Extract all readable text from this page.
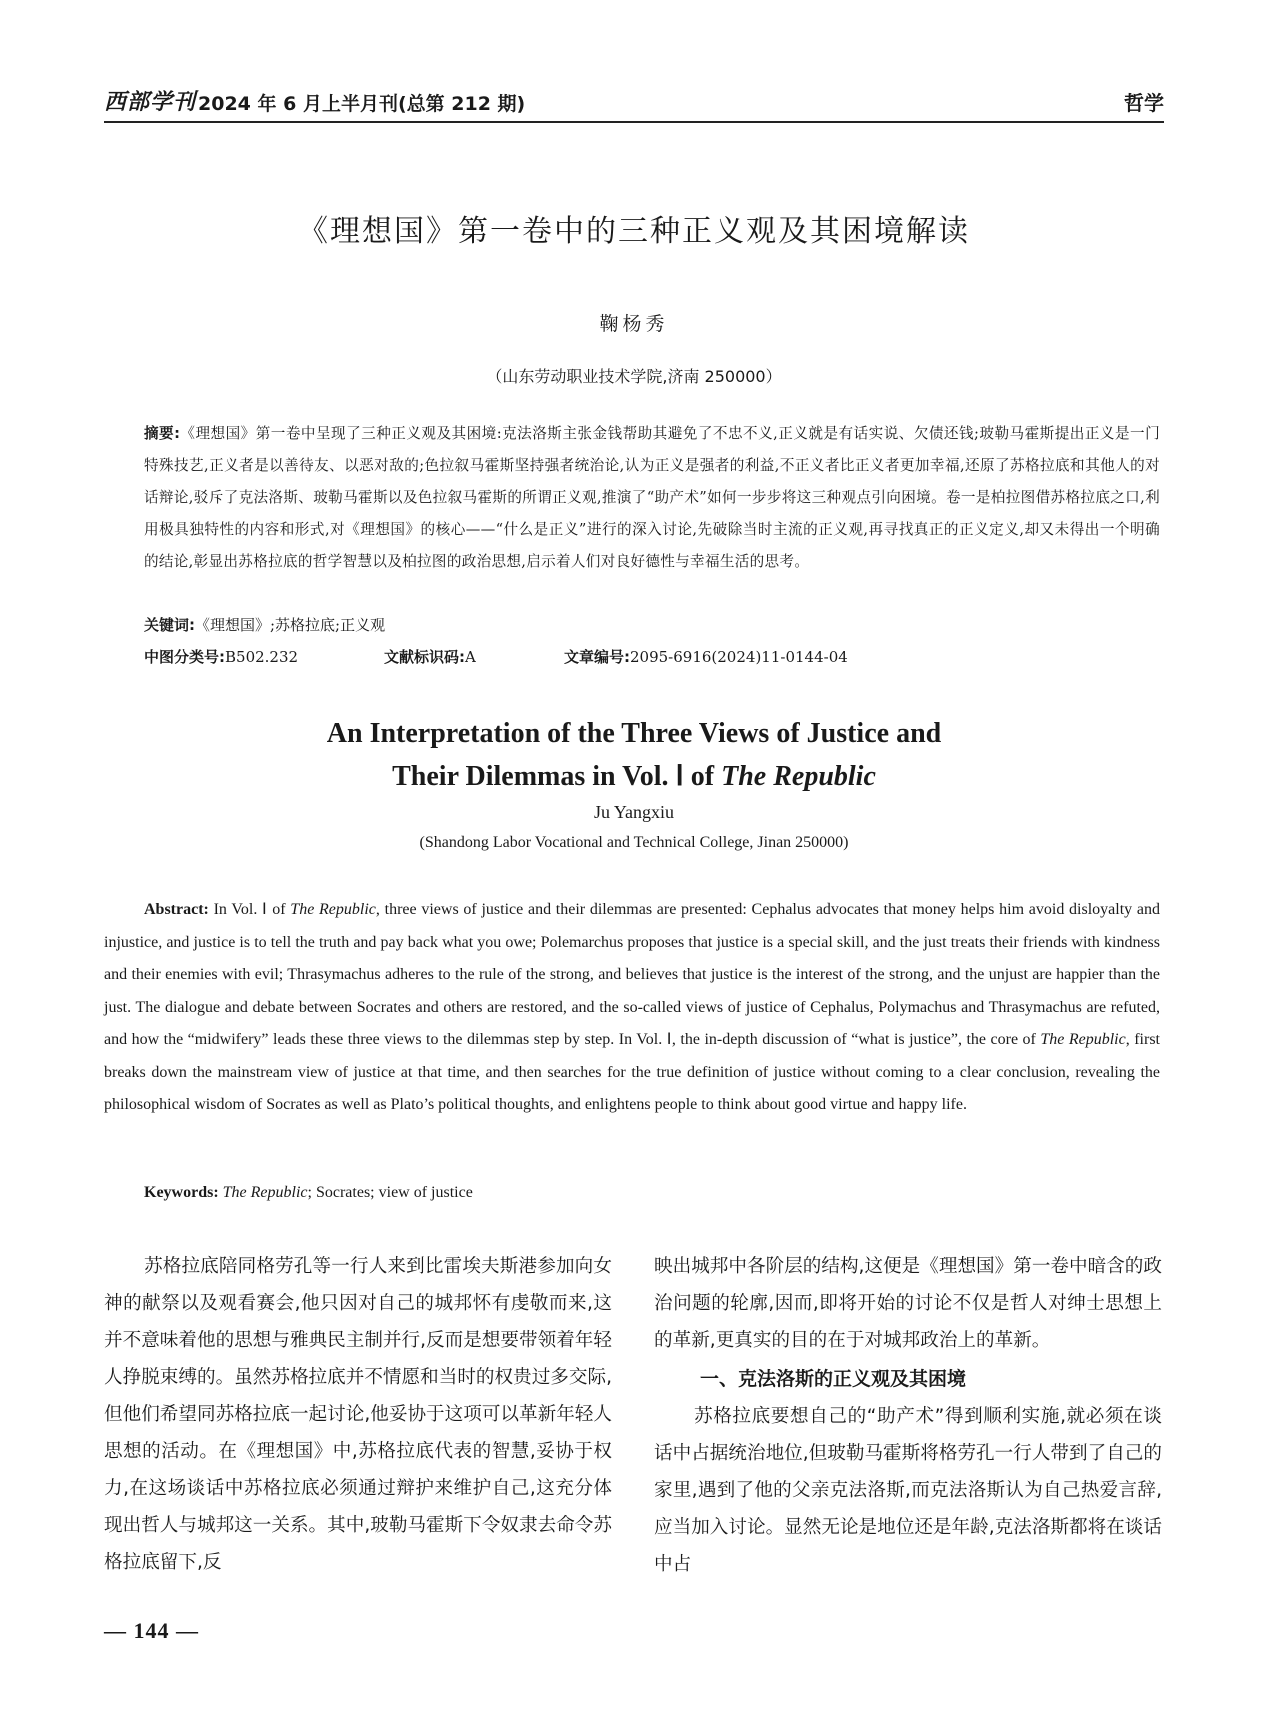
西部学刊 2024 年 6 月上半月刊(总第 212 期)	哲学
《理想国》第一卷中的三种正义观及其困境解读
鞠杨秀
（山东劳动职业技术学院,济南 250000）
摘要:《理想国》第一卷中呈现了三种正义观及其困境:克法洛斯主张金钱帮助其避免了不忠不义,正义就是有话实说、欠债还钱;玻勒马霍斯提出正义是一门特殊技艺,正义者是以善待友、以恶对敌的;色拉叙马霍斯坚持强者统治论,认为正义是强者的利益,不正义者比正义者更加幸福,还原了苏格拉底和其他人的对话辩论,驳斥了克法洛斯、玻勒马霍斯以及色拉叙马霍斯的所谓正义观,推演了“助产术”如何一步步将这三种观点引向困境。卷一是柏拉图借苏格拉底之口,利用极具独特性的内容和形式,对《理想国》的核心——“什么是正义”进行的深入讨论,先破除当时主流的正义观,再寻找真正的正义定义,却又未得出一个明确的结论,彰显出苏格拉底的哲学智慧以及柏拉图的政治思想,启示着人们对良好德性与幸福生活的思考。
关键词:《理想国》;苏格拉底;正义观
中图分类号:B502.232	文献标识码:A	文章编号:2095-6916(2024)11-0144-04
An Interpretation of the Three Views of Justice and
Their Dilemmas in Vol. Ⅰ of The Republic
Ju Yangxiu
(Shandong Labor Vocational and Technical College, Jinan 250000)
Abstract: In Vol. Ⅰ of The Republic, three views of justice and their dilemmas are presented: Cephalus advocates that money helps him avoid disloyalty and injustice, and justice is to tell the truth and pay back what you owe; Polemarchus proposes that justice is a special skill, and the just treats their friends with kindness and their enemies with evil; Thrasymachus adheres to the rule of the strong, and believes that justice is the interest of the strong, and the unjust are happier than the just. The dialogue and debate between Socrates and others are restored, and the so-called views of justice of Cephalus, Polymachus and Thrasymachus are refuted, and how the “midwifery” leads these three views to the dilemmas step by step. In Vol. Ⅰ, the in-depth discussion of “what is justice”, the core of The Republic, first breaks down the mainstream view of justice at that time, and then searches for the true definition of justice without coming to a clear conclusion, revealing the philosophical wisdom of Socrates as well as Plato’s political thoughts, and enlightens people to think about good virtue and happy life.
Keywords: The Republic; Socrates; view of justice

苏格拉底陪同格劳孔等一行人来到比雷埃夫斯港参加向女神的献祭以及观看赛会,他只因对自己的城邦怀有虔敬而来,这并不意味着他的思想与雅典民主制并行,反而是想要带领着年轻人挣脱束缚的。虽然苏格拉底并不情愿和当时的权贵过多交际,但他们希望同苏格拉底一起讨论,他妥协于这项可以革新年轻人思想的活动。在《理想国》中,苏格拉底代表的智慧,妥协于权力,在这场谈话中苏格拉底必须通过辩护来维护自己,这充分体现出哲人与城邦这一关系。其中,玻勒马霍斯下令奴隶去命令苏格拉底留下,反

映出城邦中各阶层的结构,这便是《理想国》第一卷中暗含的政治问题的轮廓,因而,即将开始的讨论不仅是哲人对绅士思想上的革新,更真实的目的在于对城邦政治上的革新。

一、克法洛斯的正义观及其困境

苏格拉底要想自己的“助产术”得到顺利实施,就必须在谈话中占据统治地位,但玻勒马霍斯将格劳孔一行人带到了自己的家里,遇到了他的父亲克法洛斯,而克法洛斯认为自己热爱言辞,应当加入讨论。显然无论是地位还是年龄,克法洛斯都将在谈话中占

— 144 —
